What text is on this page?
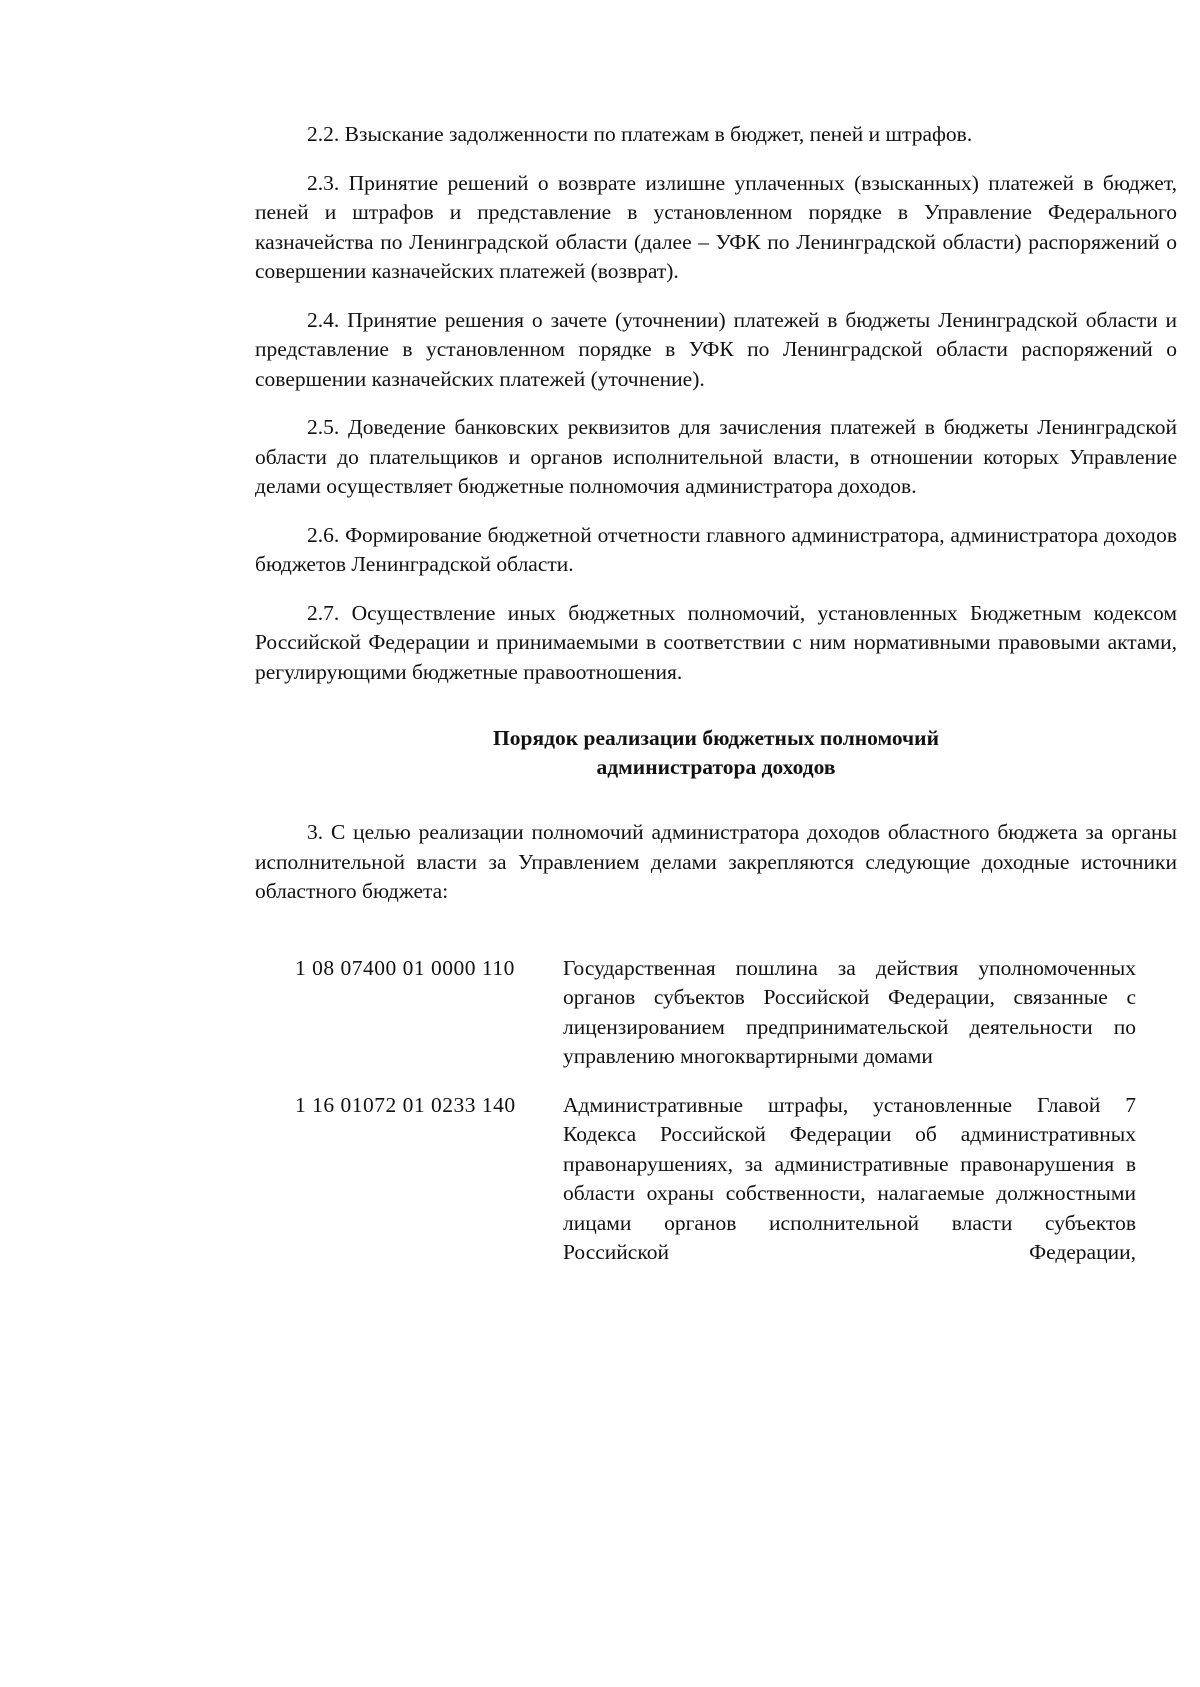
2.2. Взыскание задолженности по платежам в бюджет, пеней и штрафов.

2.3. Принятие решений о возврате излишне уплаченных (взысканных) платежей в бюджет, пеней и штрафов и представление в установленном порядке в Управление Федерального казначейства по Ленинградской области (далее – УФК по Ленинградской области) распоряжений о совершении казначейских платежей (возврат).

2.4. Принятие решения о зачете (уточнении) платежей в бюджеты Ленинградской области и представление в установленном порядке в УФК по Ленинградской области распоряжений о совершении казначейских платежей (уточнение).

2.5. Доведение банковских реквизитов для зачисления платежей в бюджеты Ленинградской области до плательщиков и органов исполнительной власти, в отношении которых Управление делами осуществляет бюджетные полномочия администратора доходов.

2.6. Формирование бюджетной отчетности главного администратора, администратора доходов бюджетов Ленинградской области.

2.7. Осуществление иных бюджетных полномочий, установленных Бюджетным кодексом Российской Федерации и принимаемыми в соответствии с ним нормативными правовыми актами, регулирующими бюджетные правоотношения.

Порядок реализации бюджетных полномочий
администратора доходов

3. С целью реализации полномочий администратора доходов областного бюджета за органы исполнительной власти за Управлением делами закрепляются следующие доходные источники областного бюджета:

1 08 07400 01 0000 110	Государственная пошлина за действия уполномоченных органов субъектов Российской Федерации, связанные с лицензированием предпринимательской деятельности по управлению многоквартирными домами
1 16 01072 01 0233 140	Административные штрафы, установленные Главой 7 Кодекса Российской Федерации об административных правонарушениях, за административные правонарушения в области охраны собственности, налагаемые должностными лицами органов исполнительной власти субъектов Российской Федерации,
